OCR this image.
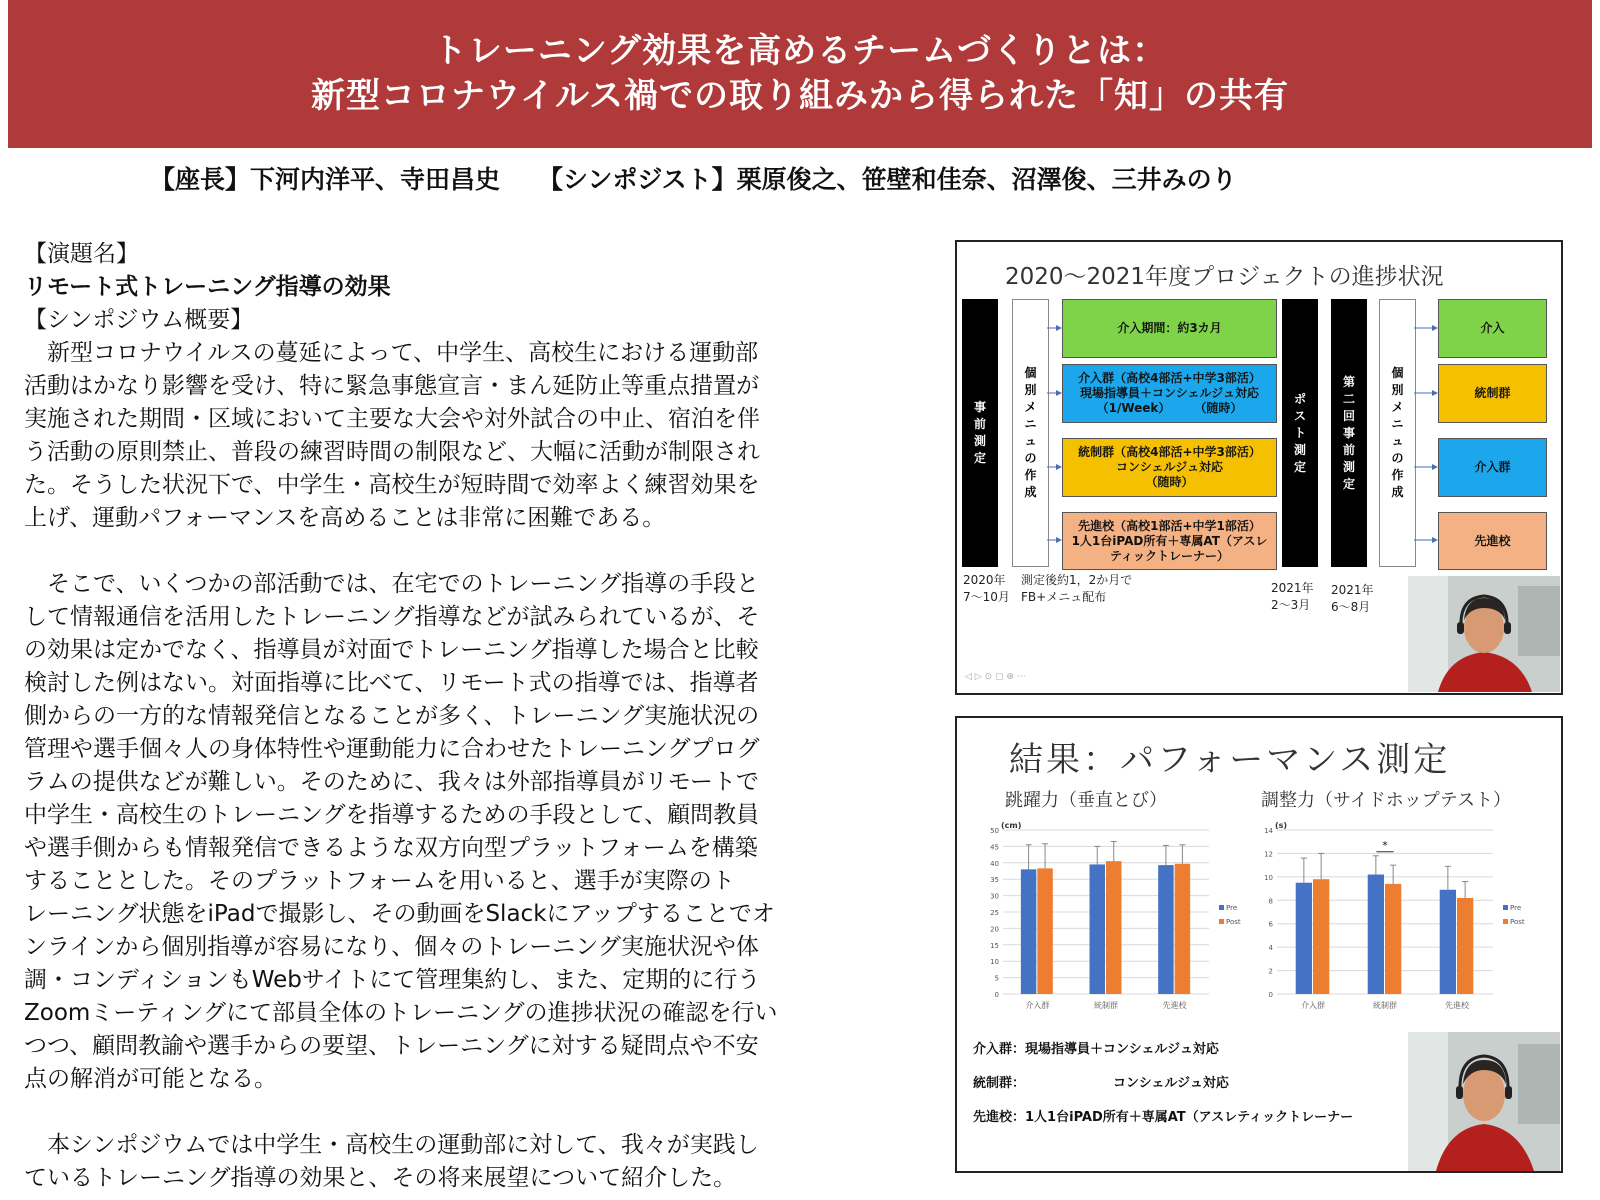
トレーニング効果を高めるチームづくりとは：
新型コロナウイルス禍での取り組みから得られた「知」の共有
【座長】下河内洋平、寺田昌史 【シンポジスト】栗原俊之、笹壁和佳奈、沼澤俊、三井みのり

【演題名】

リモート式トレーニング指導の効果

【シンポジウム概要】

　新型コロナウイルスの蔓延によって、中学生、高校生における運動部

活動はかなり影響を受け、特に緊急事態宣言・まん延防止等重点措置が

実施された期間・区域において主要な大会や対外試合の中止、宿泊を伴

う活動の原則禁止、普段の練習時間の制限など、大幅に活動が制限され

た。そうした状況下で、中学生・高校生が短時間で効率よく練習効果を

上げ、運動パフォーマンスを高めることは非常に困難である。

　そこで、いくつかの部活動では、在宅でのトレーニング指導の手段と

して情報通信を活用したトレーニング指導などが試みられているが、そ

の効果は定かでなく、指導員が対面でトレーニング指導した場合と比較

検討した例はない。対面指導に比べて、リモート式の指導では、指導者

側からの一方的な情報発信となることが多く、トレーニング実施状況の

管理や選手個々人の身体特性や運動能力に合わせたトレーニングプログ

ラムの提供などが難しい。そのために、我々は外部指導員がリモートで

中学生・高校生のトレーニングを指導するための手段として、顧問教員

や選手側からも情報発信できるような双方向型プラットフォームを構築

することとした。そのプラットフォームを用いると、選手が実際のト

レーニング状態をiPadで撮影し、その動画をSlackにアップすることでオ

ンラインから個別指導が容易になり、個々のトレーニング実施状況や体

調・コンディションもWebサイトにて管理集約し、また、定期的に行う

Zoomミーティングにて部員全体のトレーニングの進捗状況の確認を行い

つつ、顧問教諭や選手からの要望、トレーニングに対する疑問点や不安

点の解消が可能となる。

　本シンポジウムでは中学生・高校生の運動部に対して、我々が実践し

ているトレーニング指導の効果と、その将来展望について紹介した。

2020～2021年度プロジェクトの進捗状況
事
前
測
定
個
別
メ
ニ
ュ
の
作
成
介入期間：約3カ月
介入群（高校4部活+中学3部活）
現場指導員＋コンシェルジュ対応
（1/Week）　　　（随時）
統制群（高校4部活+中学3部活）
コンシェルジュ対応
（随時）
先進校（高校1部活+中学1部活）
1人1台iPAD所有＋専属AT（アスレ
ティックトレーナー）
ポ
ス
ト
測
定
第
二
回
事
前
測
定
個
別
メ
ニ
ュ
の
作
成
介入
統制群
介入群
先進校
2020年
7～10月
測定後約1，2か月で
FB+メニュ配布
2021年
2～3月
2021年
6～8月
◁ ▷ ⊙ ▢ ⊕ ⋯
結果：パフォーマンス測定
跳躍力（垂直とび）	調整力（サイドホップテスト）
0
5
10
15
20
25
30
35
40
45
50
(cm)
介入群	統制群	先進校
Pre
Post
0
2
4
6
8
10
12
14
(s)
介入群	統制群	先進校
Pre
Post
*
介入群：現場指導員＋コンシェルジュ対応
統制群：	コンシェルジュ対応
先進校：1人1台iPAD所有＋専属AT（アスレティックトレーナー
